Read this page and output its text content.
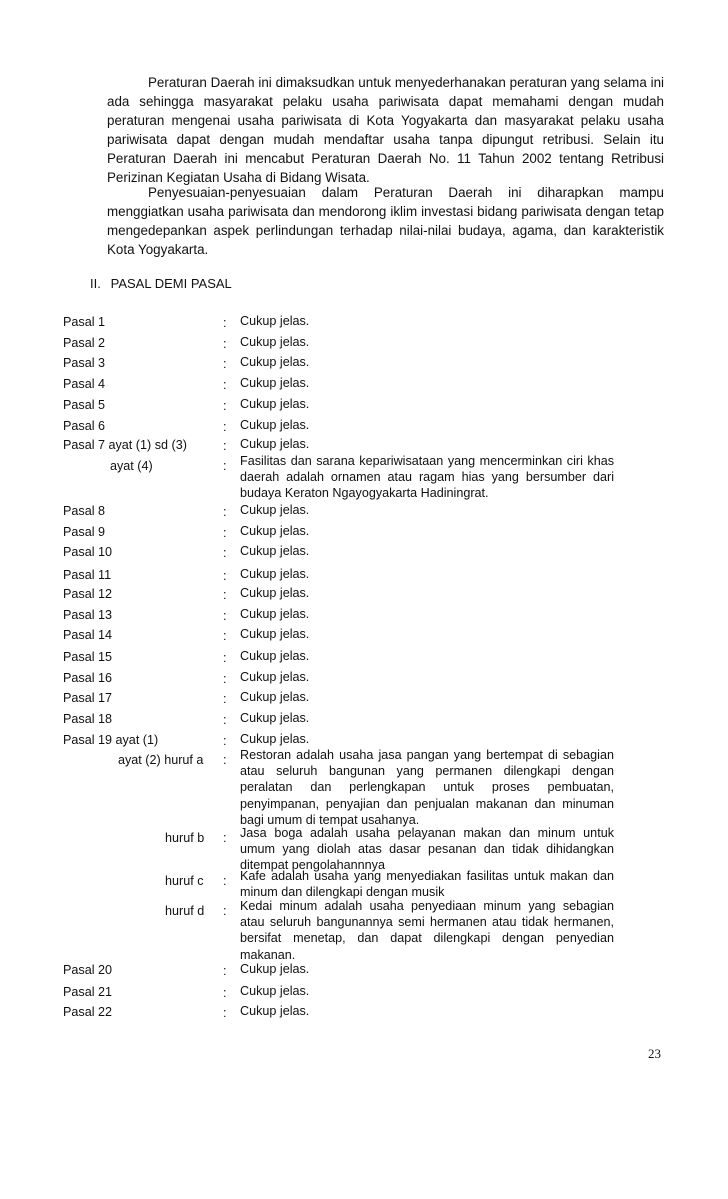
Peraturan Daerah ini dimaksudkan untuk menyederhanakan peraturan yang selama ini ada sehingga masyarakat pelaku usaha pariwisata dapat memahami dengan mudah peraturan mengenai usaha pariwisata di Kota Yogyakarta dan masyarakat pelaku usaha pariwisata dapat dengan mudah mendaftar usaha tanpa dipungut retribusi. Selain itu Peraturan Daerah ini mencabut Peraturan Daerah No. 11 Tahun 2002 tentang Retribusi Perizinan Kegiatan Usaha di Bidang Wisata.

Penyesuaian-penyesuaian dalam Peraturan Daerah ini diharapkan mampu menggiatkan usaha pariwisata dan mendorong iklim investasi bidang pariwisata dengan tetap mengedepankan aspek perlindungan terhadap nilai-nilai budaya, agama, dan karakteristik Kota Yogyakarta.

II. PASAL DEMI PASAL

Pasal 1	: Cukup jelas.
Pasal 2	: Cukup jelas.
Pasal 3	: Cukup jelas.
Pasal 4	: Cukup jelas.
Pasal 5	: Cukup jelas.
Pasal 6	: Cukup jelas.
Pasal 7 ayat (1) sd (3)	: Cukup jelas.
ayat (4)	: Fasilitas dan sarana kepariwisataan yang mencerminkan ciri khas daerah adalah ornamen atau ragam hias yang bersumber dari budaya Keraton Ngayogyakarta Hadiningrat.
Pasal 8	: Cukup jelas.
Pasal 9	: Cukup jelas.
Pasal 10	: Cukup jelas.
Pasal 11	: Cukup jelas.
Pasal 12	: Cukup jelas.
Pasal 13	: Cukup jelas.
Pasal 14	: Cukup jelas.
Pasal 15	: Cukup jelas.
Pasal 16	: Cukup jelas.
Pasal 17	: Cukup jelas.
Pasal 18	: Cukup jelas.
Pasal 19 ayat (1)	: Cukup jelas.
ayat (2) huruf a : Restoran adalah usaha jasa pangan yang bertempat di sebagian atau seluruh bangunan yang permanen dilengkapi dengan peralatan dan perlengkapan untuk proses pembuatan, penyimpanan, penyajian dan penjualan makanan dan minuman bagi umum di tempat usahanya.
huruf b : Jasa boga adalah usaha pelayanan makan dan minum untuk umum yang diolah atas dasar pesanan dan tidak dihidangkan ditempat pengolahannnya
huruf c : Kafe adalah usaha yang menyediakan fasilitas untuk makan dan minum dan dilengkapi dengan musik
huruf d : Kedai minum adalah usaha penyediaan minum yang sebagian atau seluruh bangunannya semi hermanen atau tidak hermanen, bersifat menetap, dan dapat dilengkapi dengan penyedian makanan.
Pasal 20	: Cukup jelas.
Pasal 21	: Cukup jelas.
Pasal 22	: Cukup jelas.
23
